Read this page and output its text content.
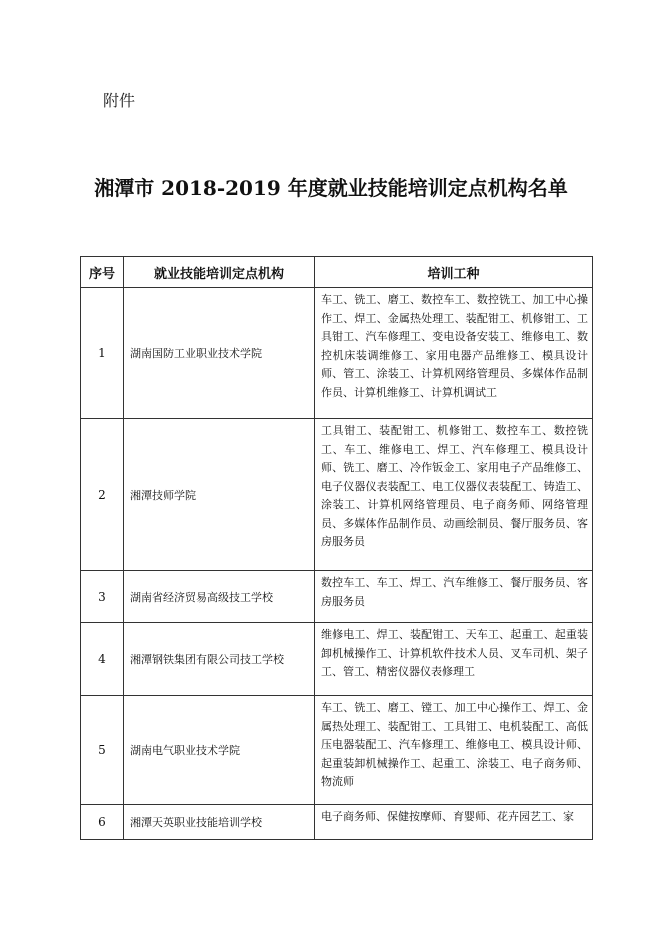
附件
湘潭市 2018-2019 年度就业技能培训定点机构名单
序号	就业技能培训定点机构	培训工种
1	湖南国防工业职业技术学院	车工、铣工、磨工、数控车工、数控铣工、加工中心操作工、焊工、金属热处理工、装配钳工、机修钳工、工具钳工、汽车修理工、变电设备安装工、维修电工、数控机床装调维修工、家用电器产品维修工、模具设计师、管工、涂装工、计算机网络管理员、多媒体作品制作员、计算机维修工、计算机调试工
2	湘潭技师学院	工具钳工、装配钳工、机修钳工、数控车工、数控铣工、车工、维修电工、焊工、汽车修理工、模具设计师、铣工、磨工、冷作钣金工、家用电子产品维修工、电子仪器仪表装配工、电工仪器仪表装配工、铸造工、涂装工、计算机网络管理员、电子商务师、网络管理员、多媒体作品制作员、动画绘制员、餐厅服务员、客房服务员
3	湖南省经济贸易高级技工学校	数控车工、车工、焊工、汽车维修工、餐厅服务员、客房服务员
4	湘潭钢铁集团有限公司技工学校	维修电工、焊工、装配钳工、天车工、起重工、起重装卸机械操作工、计算机软件技术人员、叉车司机、架子工、管工、精密仪器仪表修理工
5	湖南电气职业技术学院	车工、铣工、磨工、镗工、加工中心操作工、焊工、金属热处理工、装配钳工、工具钳工、电机装配工、高低压电器装配工、汽车修理工、维修电工、模具设计师、起重装卸机械操作工、起重工、涂装工、电子商务师、物流师
6	湘潭天英职业技能培训学校	电子商务师、保健按摩师、育婴师、花卉园艺工、家
